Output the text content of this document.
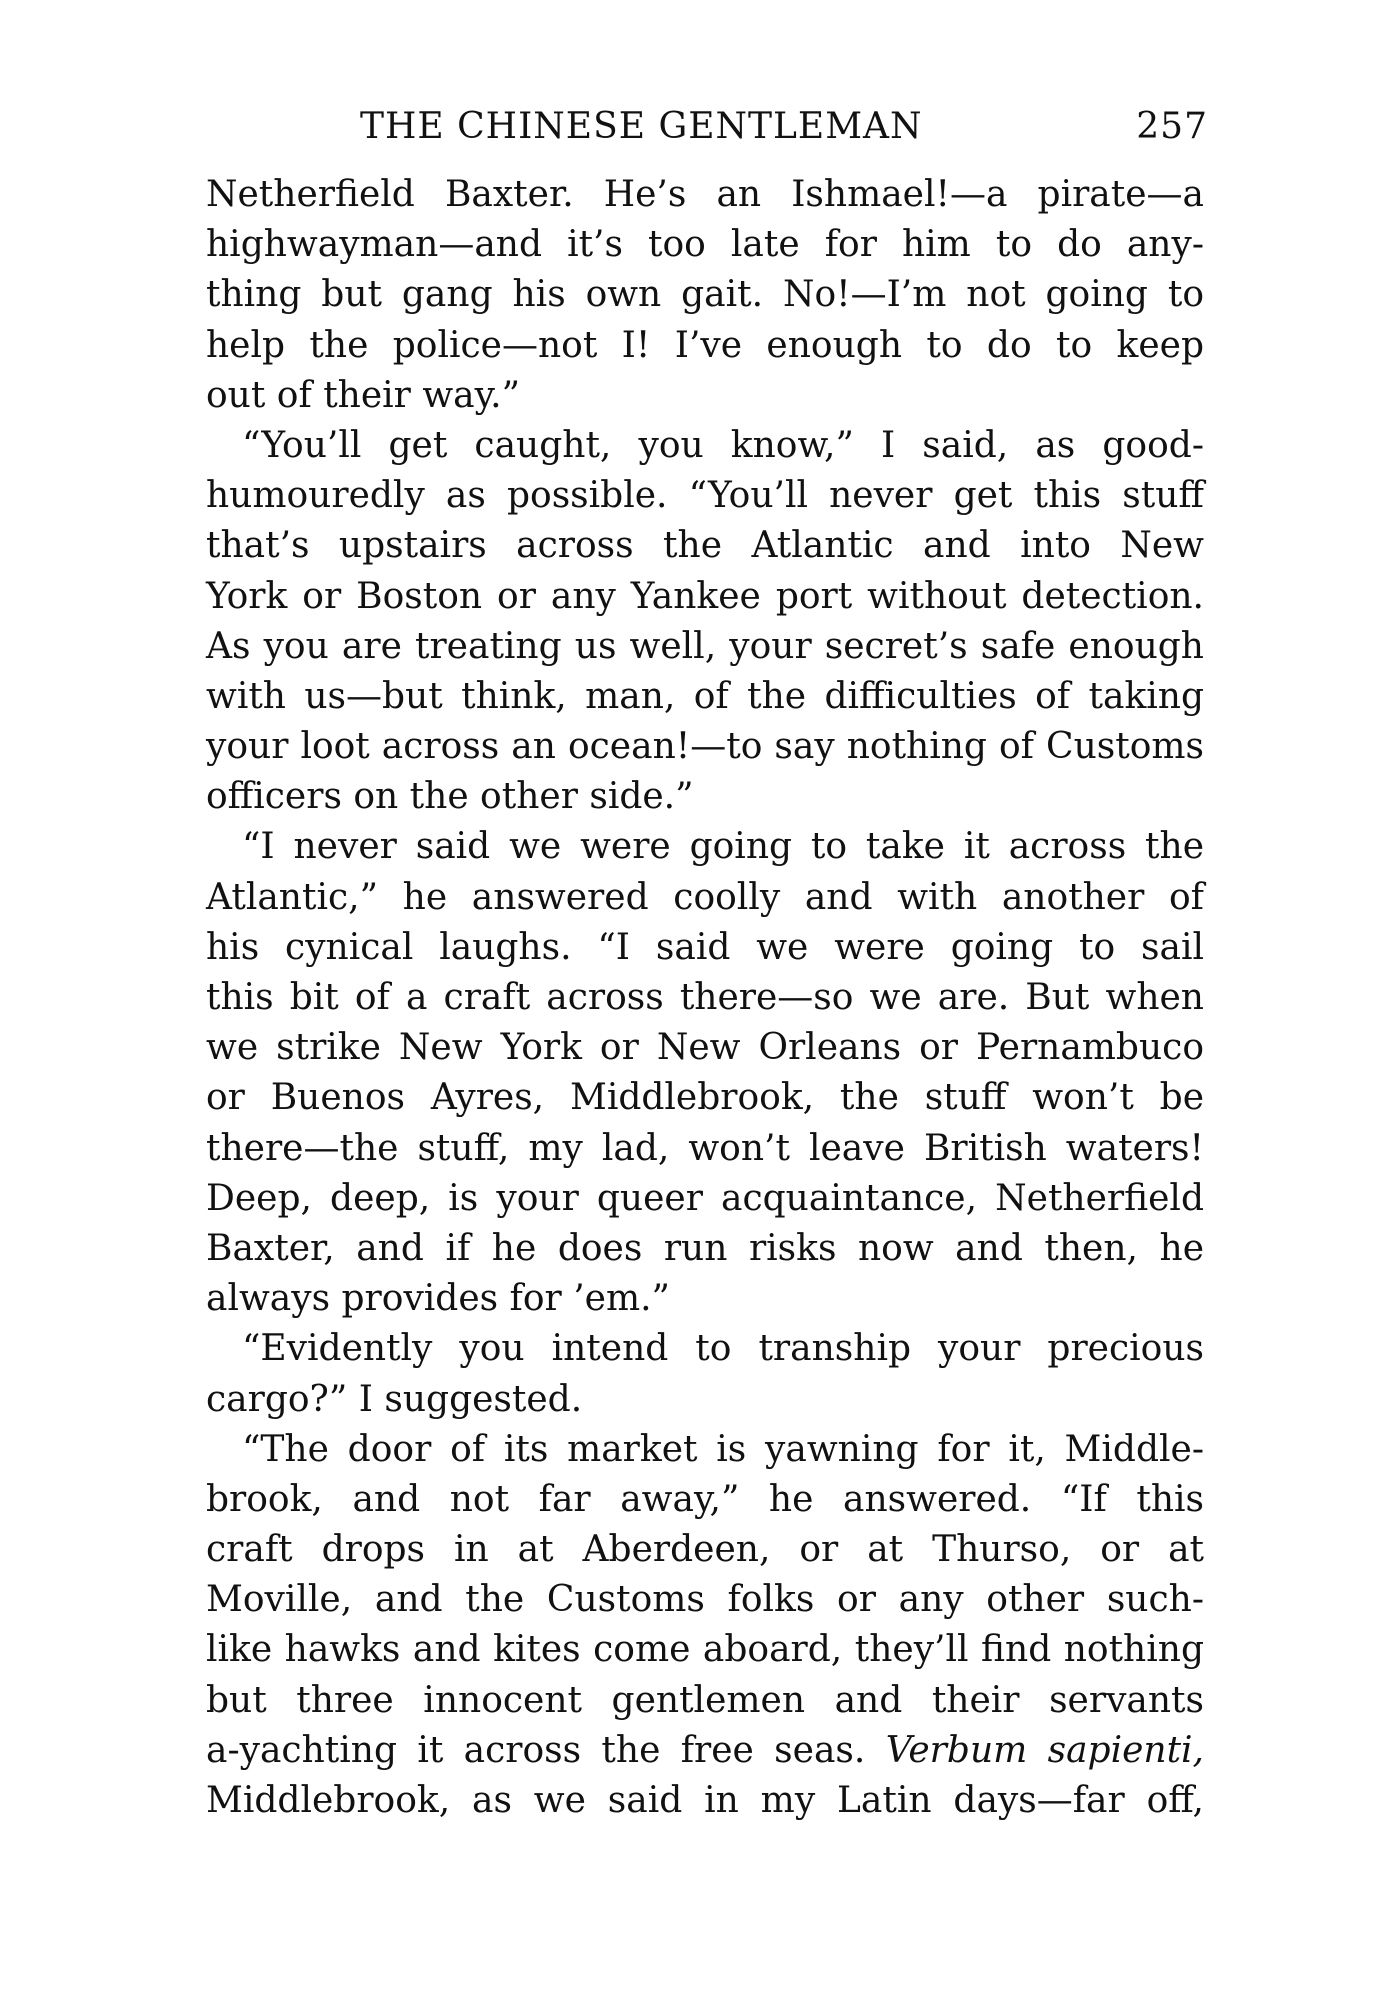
THE CHINESE GENTLEMAN	257
Netherfield Baxter. He’s an Ishmael!—a pirate—a
highwayman—and it’s too late for him to do any-
thing but gang his own gait. No!—I’m not going to
help the police—not I! I’ve enough to do to keep
out of their way.”
“You’ll get caught, you know,” I said, as good-
humouredly as possible. “You’ll never get this stuff
that’s upstairs across the Atlantic and into New
York or Boston or any Yankee port without detection.
As you are treating us well, your secret’s safe enough
with us—but think, man, of the difficulties of taking
your loot across an ocean!—to say nothing of Customs
officers on the other side.”
“I never said we were going to take it across the
Atlantic,” he answered coolly and with another of
his cynical laughs. “I said we were going to sail
this bit of a craft across there—so we are. But when
we strike New York or New Orleans or Pernambuco
or Buenos Ayres, Middlebrook, the stuff won’t be
there—the stuff, my lad, won’t leave British waters!
Deep, deep, is your queer acquaintance, Netherfield
Baxter, and if he does run risks now and then, he
always provides for ’em.”
“Evidently you intend to tranship your precious
cargo?” I suggested.
“The door of its market is yawning for it, Middle-
brook, and not far away,” he answered. “If this
craft drops in at Aberdeen, or at Thurso, or at
Moville, and the Customs folks or any other such-
like hawks and kites come aboard, they’ll find nothing
but three innocent gentlemen and their servants
a-yachting it across the free seas. Verbum sapienti,
Middlebrook, as we said in my Latin days—far off,
